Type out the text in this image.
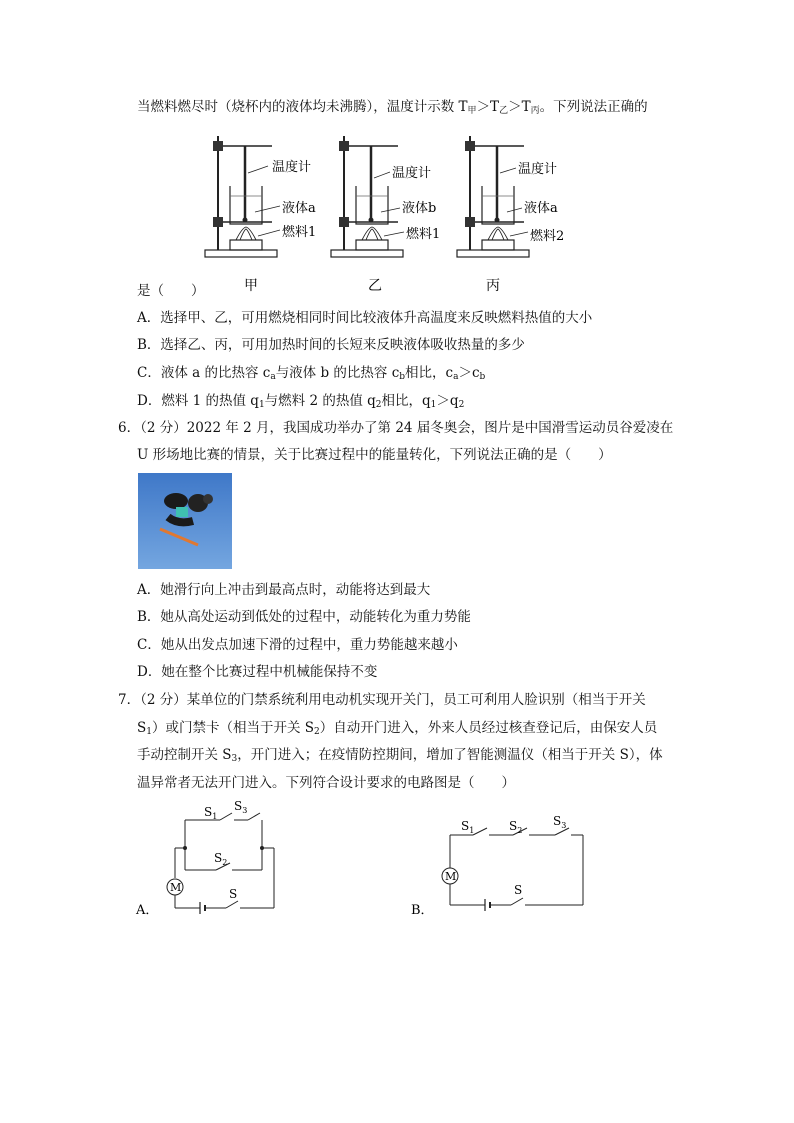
当燃料燃尽时（烧杯内的液体均未沸腾），温度计示数 $T_甲>T_乙>T_丙$。下列说法正确的
温度计
液体a
燃料1
温度计
液体b
燃料1
温度计
液体a
燃料2
甲	乙	丙
是（　　）
A．选择甲、乙，可用燃烧相同时间比较液体升高温度来反映燃料热值的大小
B．选择乙、丙，可用加热时间的长短来反映液体吸收热量的多少
C．液体 a 的比热容 $c_a$与液体 b 的比热容 $c_b$相比，$c_a>c_b$
D．燃料 1 的热值 $q_1$与燃料 2 的热值 $q_2$相比，$q_1>q_2$
6．（2 分）2022 年 2 月，我国成功举办了第 24 届冬奥会，图片是中国滑雪运动员谷爱凌在
U 形场地比赛的情景，关于比赛过程中的能量转化，下列说法正确的是（　　）
A．她滑行向上冲击到最高点时，动能将达到最大
B．她从高处运动到低处的过程中，动能转化为重力势能
C．她从出发点加速下滑的过程中，重力势能越来越小
D．她在整个比赛过程中机械能保持不变
7．（2 分）某单位的门禁系统利用电动机实现开关门，员工可利用人脸识别（相当于开关
$S_1$）或门禁卡（相当于开关 $S_2$）自动开门进入，外来人员经过核查登记后，由保安人员
手动控制开关 $S_3$，开门进入；在疫情防控期间，增加了智能测温仪（相当于开关 S），体
温异常者无法开门进入。下列符合设计要求的电路图是（　　）
M
$S_1$
$S_3$
$S_2$
S
A．
M
$S_1$	$S_2$
$S_3$
S
B．
